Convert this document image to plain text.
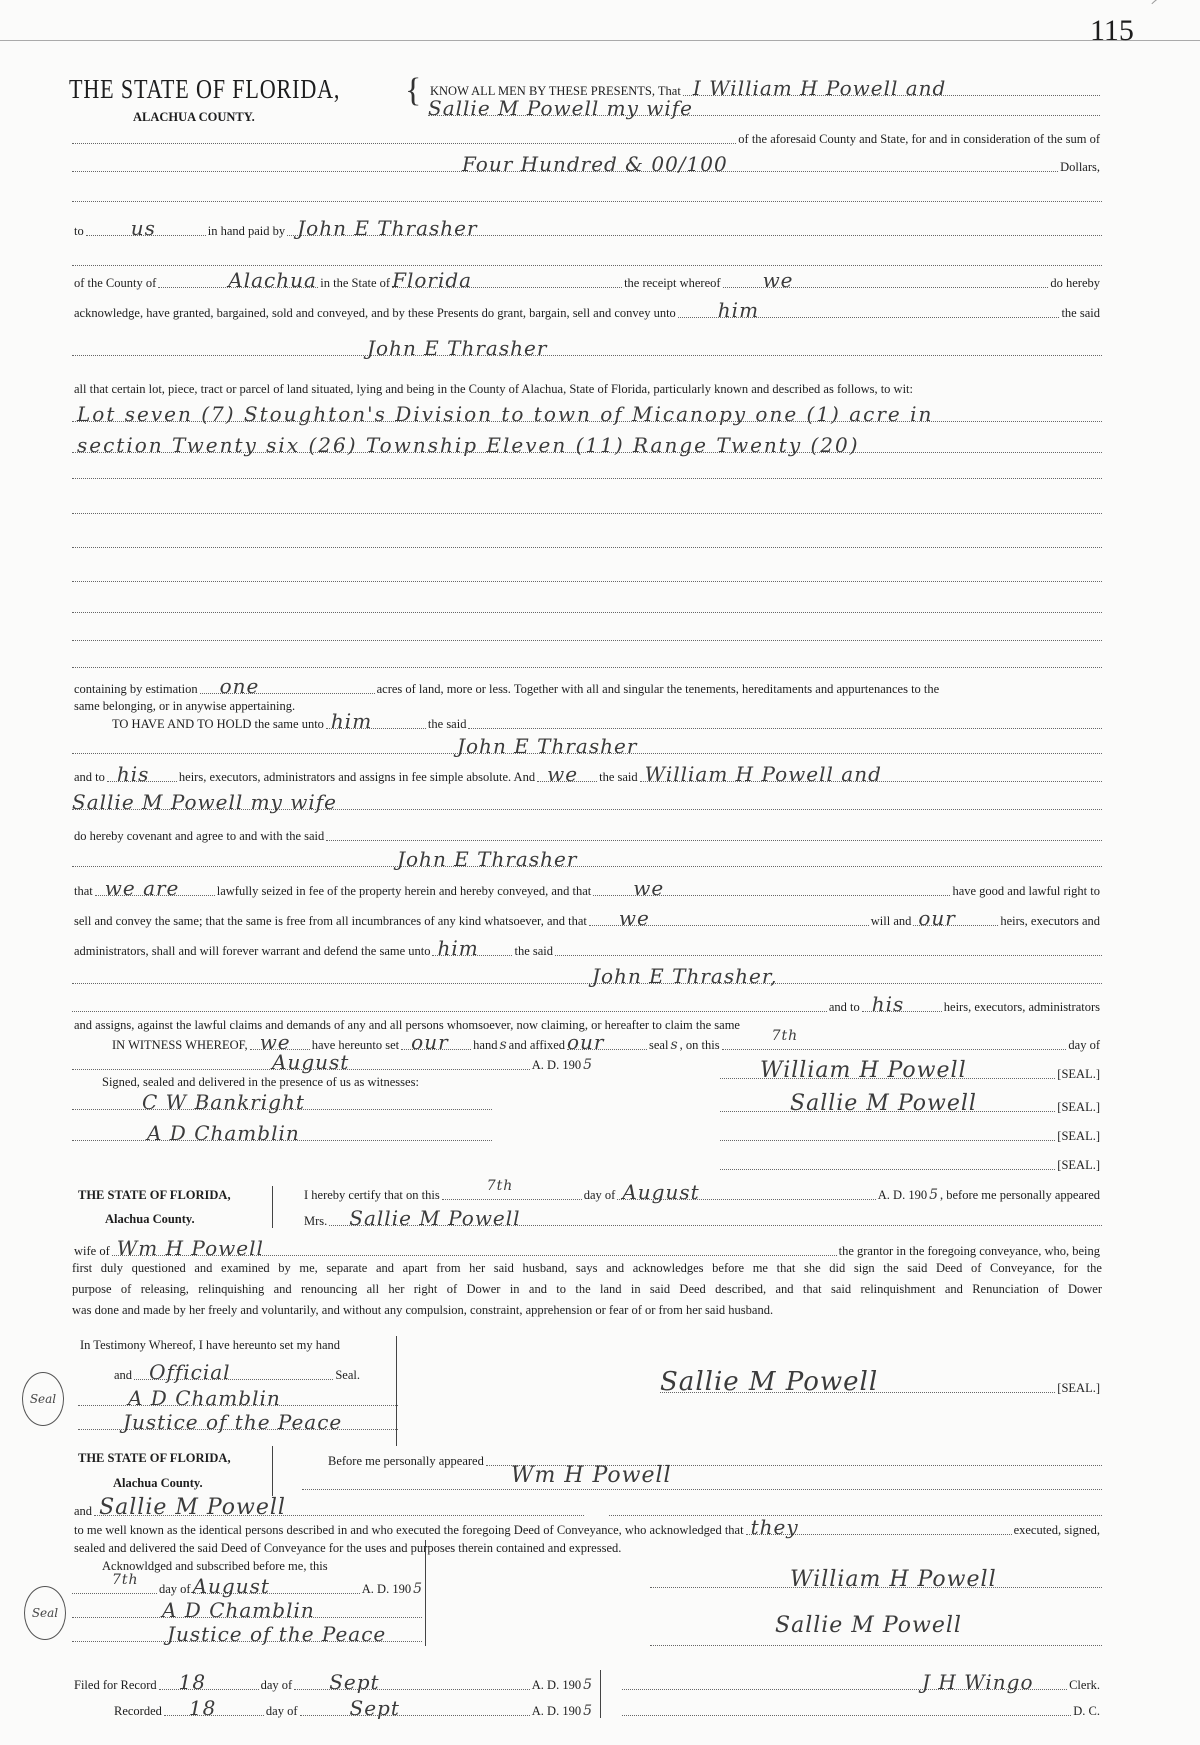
115
THE STATE OF FLORIDA,
ALACHUA COUNTY.
{ KNOW ALL MEN BY THESE PRESENTS, That I William H Powell and
Sallie M Powell my wife
of the aforesaid County and State, for and in consideration of the sum of
Four Hundred & 00/100	Dollars,
to us	in hand paid by John E Thrasher
of the County of	Alachua in the State of Florida	the receipt whereof we	do hereby
acknowledge, have granted, bargained, sold and conveyed, and by these Presents do grant, bargain, sell and convey unto him	the said
John E Thrasher
all that certain lot, piece, tract or parcel of land situated, lying and being in the County of Alachua, State of Florida, particularly known and described as follows, to wit:
Lot seven (7) Stoughton's Division to town of Micanopy one (1) acre in
section Twenty six (26) Township Eleven (11) Range Twenty (20)
containing by estimation one	acres of land, more or less. Together with all and singular the tenements, hereditaments and appurtenances to the
same belonging, or in anywise appertaining.
TO HAVE AND TO HOLD the same unto him	the said
John E Thrasher
and to his heirs, executors, administrators and assigns in fee simple absolute. And we the said William H Powell and
Sallie M Powell my wife
do hereby covenant and agree to and with the said
John E Thrasher
that we are	lawfully seized in fee of the property herein and hereby conveyed, and that we	have good and lawful right to
sell and convey the same; that the same is free from all incumbrances of any kind whatsoever, and that we	will and our	heirs, executors and
administrators, shall and will forever warrant and defend the same unto him	the said
John E Thrasher,
and to his	heirs, executors, administrators
and assigns, against the lawful claims and demands of any and all persons whomsoever, now claiming, or hereafter to claim the same
IN WITNESS WHEREOF, we have hereunto set our hand s and affixed our	seal s , on this
7th
day of
August	A. D. 190 5
Signed, sealed and delivered in the presence of us as witnesses:
C W Bankright
A D Chamblin
William H Powell	[SEAL.]
Sallie M Powell	[SEAL.]
[SEAL.]
[SEAL.]
THE STATE OF FLORIDA,
Alachua County.
I hereby certify that on this
7th
day of August	A. D. 190 5 , before me personally appeared
Mrs. Sallie M Powell
wife of Wm H Powell	the grantor in the foregoing conveyance, who, being
first duly questioned and examined by me, separate and apart from her said husband, says and acknowledges before me that she did sign the said Deed of Conveyance, for the
purpose of releasing, relinquishing and renouncing all her right of Dower in and to the land in said Deed described, and that said relinquishment and Renunciation of Dower
was done and made by her freely and voluntarily, and without any compulsion, constraint, apprehension or fear of or from her said husband.
In Testimony Whereof, I have hereunto set my hand
and Official	Seal.
Seal	A D Chamblin
Justice of the Peace
Sallie M Powell	[SEAL.]
THE STATE OF FLORIDA,
Alachua County.
Before me personally appeared
Wm H Powell
and Sallie M Powell
to me well known as the identical persons described in and who executed the foregoing Deed of Conveyance, who acknowledged that they	executed, signed,
sealed and delivered the said Deed of Conveyance for the uses and purposes therein contained and expressed.
Acknowldged and subscribed before me, this
7th
day of August	A. D. 190 5
Seal	A D Chamblin
Justice of the Peace
William H Powell
Sallie M Powell
Filed for Record 18	day of Sept	A. D. 190 5
Recorded 18	day of	Sept	A. D. 190 5
J H Wingo	Clerk.
D. C.
